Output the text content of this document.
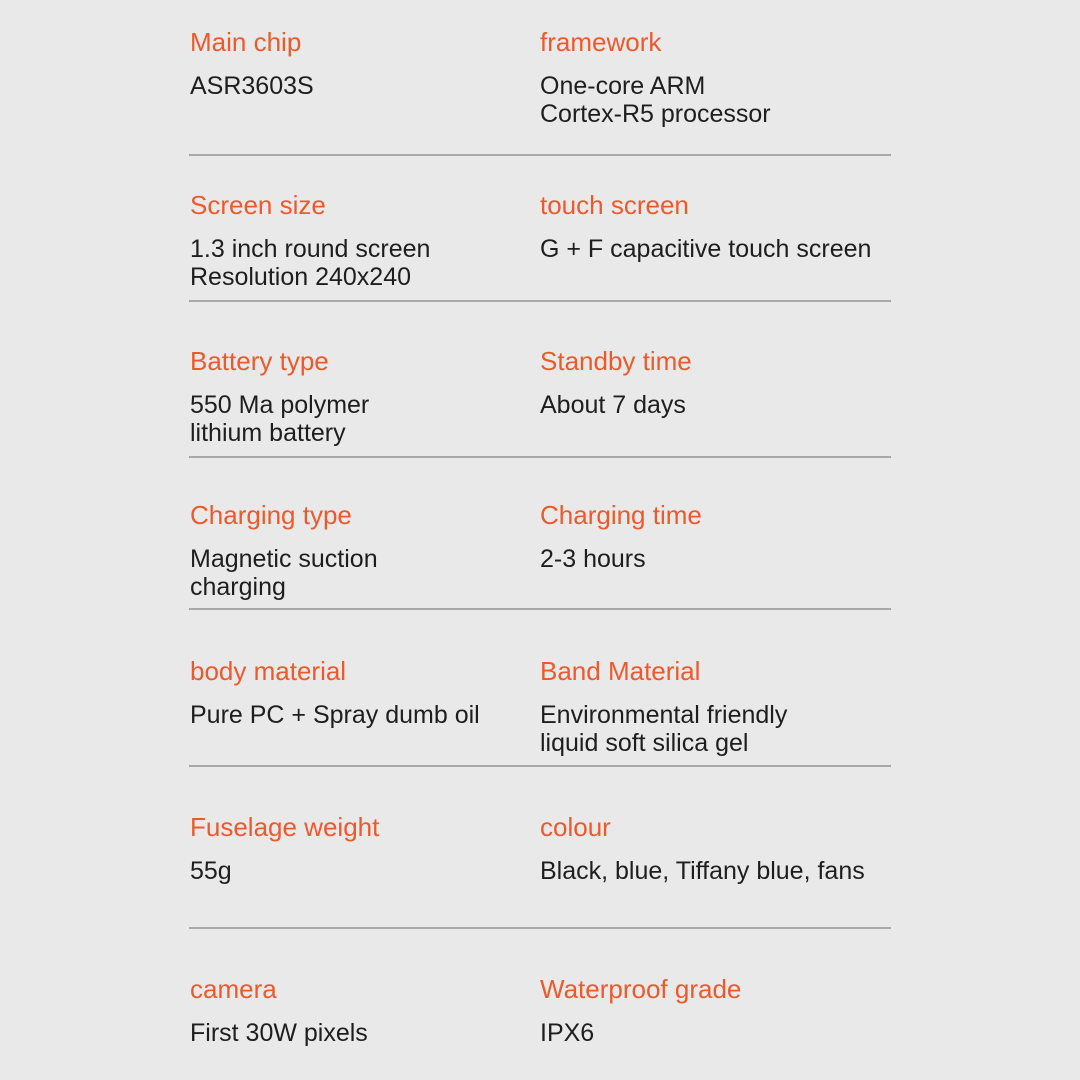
Main chip
ASR3603S
framework
One-core ARM
Cortex-R5 processor
Screen size
1.3 inch round screen
Resolution 240x240
touch screen
G + F capacitive touch screen
Battery type
550 Ma polymer
lithium battery
Standby time
About 7 days
Charging type
Magnetic suction
charging
Charging time
2-3 hours
body material
Pure PC + Spray dumb oil
Band Material
Environmental friendly
liquid soft silica gel
Fuselage weight
55g
colour
Black, blue, Tiffany blue, fans
camera
First 30W pixels
Waterproof grade
IPX6
